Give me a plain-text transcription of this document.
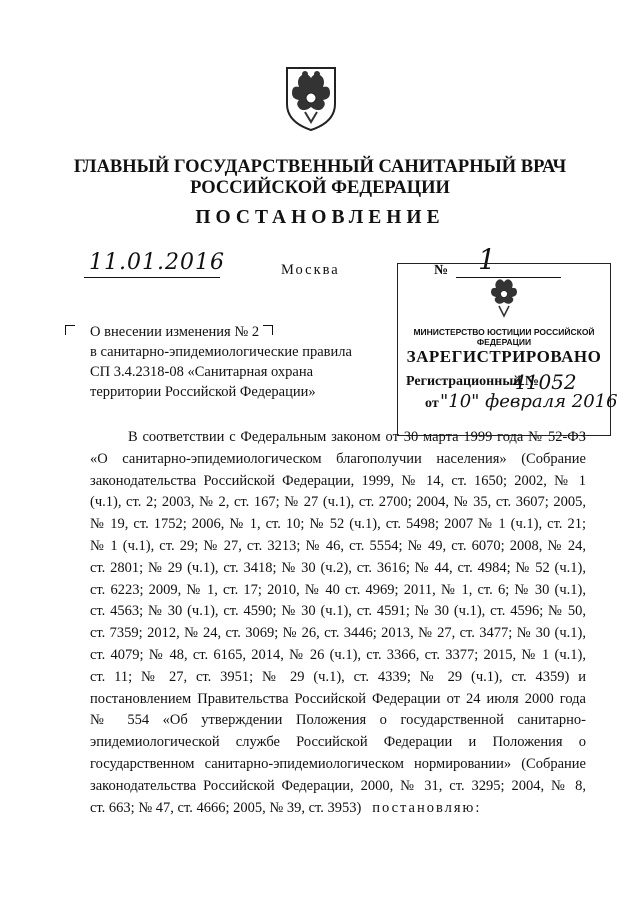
ГЛАВНЫЙ ГОСУДАРСТВЕННЫЙ САНИТАРНЫЙ ВРАЧ
РОССИЙСКОЙ ФЕДЕРАЦИИ
ПОСТАНОВЛЕНИЕ
11.01.2016	Москва	№ 1
МИНИСТЕРСТВО ЮСТИЦИИ РОССИЙСКОЙ ФЕДЕРАЦИИ
ЗАРЕГИСТРИРОВАНО
Регистрационный №
41052
от "10" февраля 2016
О внесении изменения № 2
в санитарно-эпидемиологические правила
СП 3.4.2318-08 «Санитарная охрана
территории Российской Федерации»
В соответствии с Федеральным законом от 30 марта 1999 года № 52-ФЗ
«О санитарно-эпидемиологическом благополучии населения» (Собрание
законодательства Российской Федерации, 1999, № 14, ст. 1650; 2002, № 1
(ч.1), ст. 2; 2003, № 2, ст. 167; № 27 (ч.1), ст. 2700; 2004, № 35, ст. 3607; 2005,
№ 19, ст. 1752; 2006, № 1, ст. 10; № 52 (ч.1), ст. 5498; 2007 № 1 (ч.1), ст. 21;
№ 1 (ч.1), ст. 29; № 27, ст. 3213; № 46, ст. 5554; № 49, ст. 6070; 2008, № 24,
ст. 2801; № 29 (ч.1), ст. 3418; № 30 (ч.2), ст. 3616; № 44, ст. 4984; № 52 (ч.1),
ст. 6223; 2009, № 1, ст. 17; 2010, № 40 ст. 4969; 2011, № 1, ст. 6; № 30 (ч.1),
ст. 4563; № 30 (ч.1), ст. 4590; № 30 (ч.1), ст. 4591; № 30 (ч.1), ст. 4596; № 50,
ст. 7359; 2012, № 24, ст. 3069; № 26, ст. 3446; 2013, № 27, ст. 3477; № 30 (ч.1),
ст. 4079; № 48, ст. 6165, 2014, № 26 (ч.1), ст. 3366, ст. 3377; 2015, № 1 (ч.1),
ст. 11; № 27, ст. 3951; № 29 (ч.1), ст. 4339; № 29 (ч.1), ст. 4359) и
постановлением Правительства Российской Федерации от 24 июля 2000 года
№ 554 «Об утверждении Положения о государственной санитарно-
эпидемиологической службе Российской Федерации и Положения о
государственном санитарно-эпидемиологическом нормировании» (Собрание
законодательства Российской Федерации, 2000, № 31, ст. 3295; 2004, № 8,
ст. 663; № 47, ст. 4666; 2005, № 39, ст. 3953) постановляю:
